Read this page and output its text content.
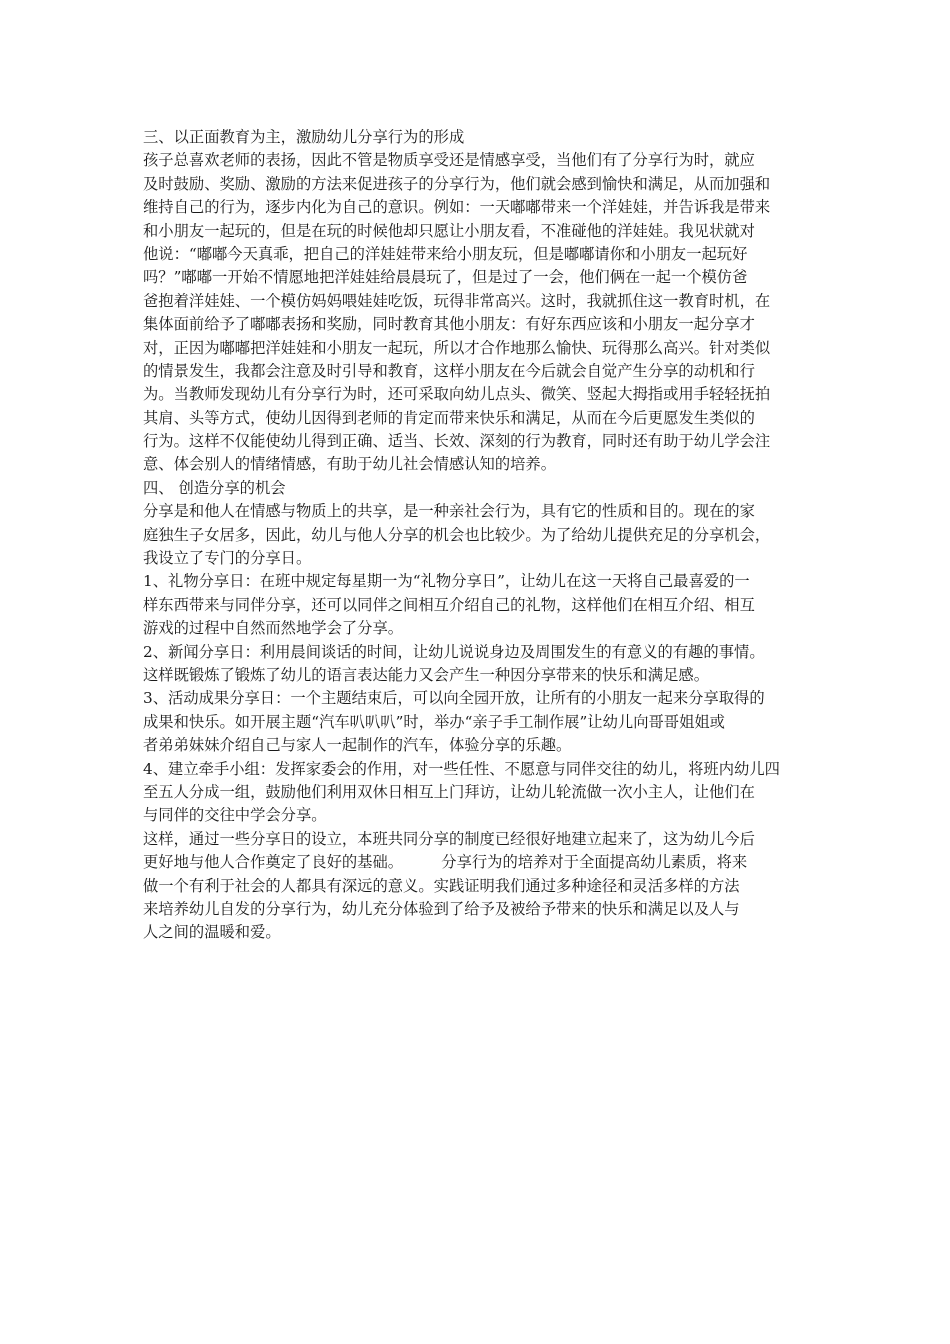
三、以正面教育为主，激励幼儿分享行为的形成
孩子总喜欢老师的表扬，因此不管是物质享受还是情感享受，当他们有了分享行为时，就应
及时鼓励、奖励、激励的方法来促进孩子的分享行为，他们就会感到愉快和满足，从而加强和
维持自己的行为，逐步内化为自己的意识。例如：一天嘟嘟带来一个洋娃娃，并告诉我是带来
和小朋友一起玩的，但是在玩的时候他却只愿让小朋友看，不准碰他的洋娃娃。我见状就对
他说：“嘟嘟今天真乖，把自己的洋娃娃带来给小朋友玩，但是嘟嘟请你和小朋友一起玩好
吗？”嘟嘟一开始不情愿地把洋娃娃给晨晨玩了，但是过了一会，他们俩在一起一个模仿爸
爸抱着洋娃娃、一个模仿妈妈喂娃娃吃饭，玩得非常高兴。这时，我就抓住这一教育时机，在
集体面前给予了嘟嘟表扬和奖励，同时教育其他小朋友：有好东西应该和小朋友一起分享才
对，正因为嘟嘟把洋娃娃和小朋友一起玩，所以才合作地那么愉快、玩得那么高兴。针对类似
的情景发生，我都会注意及时引导和教育，这样小朋友在今后就会自觉产生分享的动机和行
为。当教师发现幼儿有分享行为时，还可采取向幼儿点头、微笑、竖起大拇指或用手轻轻抚拍
其肩、头等方式，使幼儿因得到老师的肯定而带来快乐和满足，从而在今后更愿发生类似的
行为。这样不仅能使幼儿得到正确、适当、长效、深刻的行为教育，同时还有助于幼儿学会注
意、体会别人的情绪情感，有助于幼儿社会情感认知的培养。
四、 创造分享的机会
分享是和他人在情感与物质上的共享，是一种亲社会行为，具有它的性质和目的。现在的家
庭独生子女居多，因此，幼儿与他人分享的机会也比较少。为了给幼儿提供充足的分享机会，
我设立了专门的分享日。
1、礼物分享日：在班中规定每星期一为“礼物分享日”，让幼儿在这一天将自己最喜爱的一
样东西带来与同伴分享，还可以同伴之间相互介绍自己的礼物，这样他们在相互介绍、相互
游戏的过程中自然而然地学会了分享。
2、新闻分享日：利用晨间谈话的时间，让幼儿说说身边及周围发生的有意义的有趣的事情。
这样既锻炼了锻炼了幼儿的语言表达能力又会产生一种因分享带来的快乐和满足感。
3、活动成果分享日：一个主题结束后，可以向全园开放，让所有的小朋友一起来分享取得的
成果和快乐。如开展主题“汽车叭叭叭”时，举办“亲子手工制作展”让幼儿向哥哥姐姐或
者弟弟妹妹介绍自己与家人一起制作的汽车，体验分享的乐趣。
4、建立牵手小组：发挥家委会的作用，对一些任性、不愿意与同伴交往的幼儿，将班内幼儿四
至五人分成一组，鼓励他们利用双休日相互上门拜访，让幼儿轮流做一次小主人，让他们在
与同伴的交往中学会分享。
这样，通过一些分享日的设立，本班共同分享的制度已经很好地建立起来了，这为幼儿今后
更好地与他人合作奠定了良好的基础。　　　分享行为的培养对于全面提高幼儿素质，将来
做一个有利于社会的人都具有深远的意义。实践证明我们通过多种途径和灵活多样的方法
来培养幼儿自发的分享行为，幼儿充分体验到了给予及被给予带来的快乐和满足以及人与
人之间的温暖和爱。
